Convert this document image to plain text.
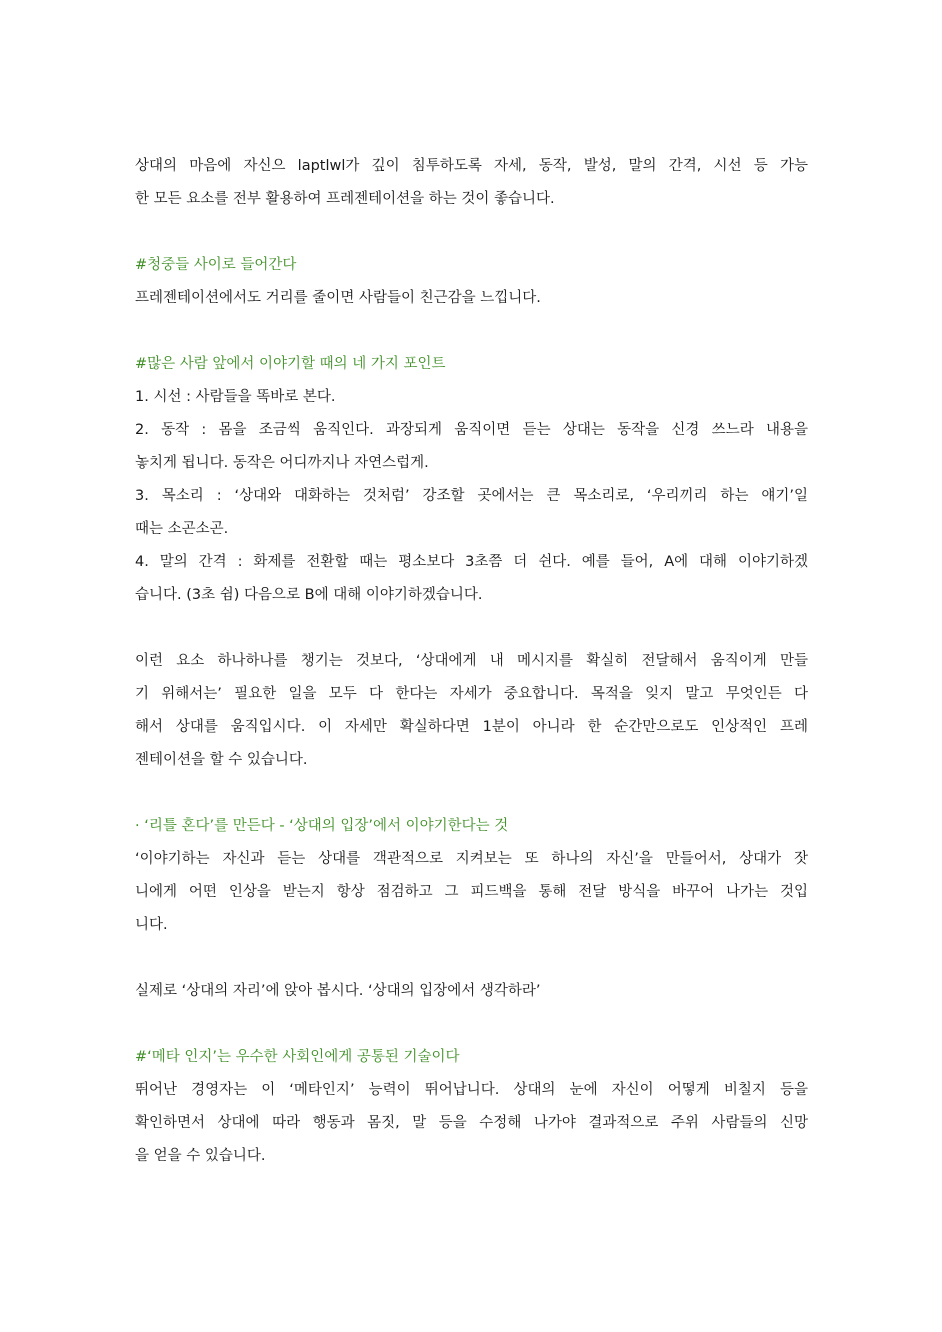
상대의 마음에 자신으 laptlwl가 깊이 침투하도록 자세, 동작, 발성, 말의 간격, 시선 등 가능
한 모든 요소를 전부 활용하여 프레젠테이션을 하는 것이 좋습니다.
#청중들 사이로 들어간다
프레젠테이션에서도 거리를 줄이면 사람들이 친근감을 느낍니다.
#많은 사람 앞에서 이야기할 때의 네 가지 포인트
1. 시선 : 사람들을 똑바로 본다.
2. 동작 : 몸을 조금씩 움직인다. 과장되게 움직이면 듣는 상대는 동작을 신경 쓰느라 내용을
놓치게 됩니다. 동작은 어디까지나 자연스럽게.
3. 목소리 : ‘상대와 대화하는 것처럼’ 강조할 곳에서는 큰 목소리로, ‘우리끼리 하는 얘기’일
때는 소곤소곤.
4. 말의 간격 : 화제를 전환할 때는 평소보다 3초쯤 더 쉰다. 예를 들어, A에 대해 이야기하겠
습니다. (3초 쉼) 다음으로 B에 대해 이야기하겠습니다.
이런 요소 하나하나를 챙기는 것보다, ‘상대에게 내 메시지를 확실히 전달해서 움직이게 만들
기 위해서는’ 필요한 일을 모두 다 한다는 자세가 중요합니다. 목적을 잊지 말고 무엇인든 다
해서 상대를 움직입시다. 이 자세만 확실하다면 1분이 아니라 한 순간만으로도 인상적인 프레
젠테이션을 할 수 있습니다.
· ‘리틀 혼다’를 만든다 - ‘상대의 입장’에서 이야기한다는 것
‘이야기하는 자신과 듣는 상대를 객관적으로 지켜보는 또 하나의 자신’을 만들어서, 상대가 잣
니에게 어떤 인상을 받는지 항상 점검하고 그 피드백을 통해 전달 방식을 바꾸어 나가는 것입
니다.
실제로 ‘상대의 자리’에 앉아 봅시다. ‘상대의 입장에서 생각하라’
#‘메타 인지’는 우수한 사회인에게 공통된 기술이다
뛰어난 경영자는 이 ‘메타인지’ 능력이 뛰어납니다. 상대의 눈에 자신이 어떻게 비칠지 등을
확인하면서 상대에 따라 행동과 몸짓, 말 등을 수정해 나가야 결과적으로 주위 사람들의 신망
을 얻을 수 있습니다.
